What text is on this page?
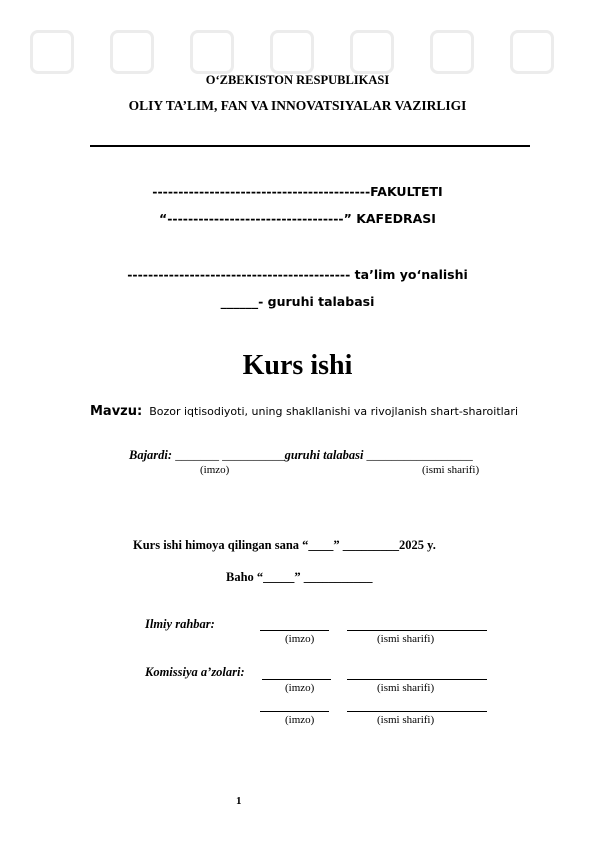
O‘ZBEKISTON RESPUBLIKASI
OLIY TA’LIM, FAN VA INNOVATSIYALAR VAZIRLIGI
------------------------------------------FAKULTETI
“----------------------------------” KAFEDRASI
------------------------------------------- ta’lim yo‘nalishi
______- guruhi talabasi
Kurs ishi
Mavzu: Bozor iqtisodiyoti, uning shakllanishi va rivojlanish shart-sharoitlari
Bajardi: _______ __________guruhi talabasi _________________
(imzo)	(ismi sharifi)
Kurs ishi himoya qilingan sana “____” _________2025 y.
Baho “_____” ___________
Ilmiy rahbar:
(imzo)	(ismi sharifi)
Komissiya a’zolari:
(imzo)	(ismi sharifi)
(imzo)	(ismi sharifi)
1
